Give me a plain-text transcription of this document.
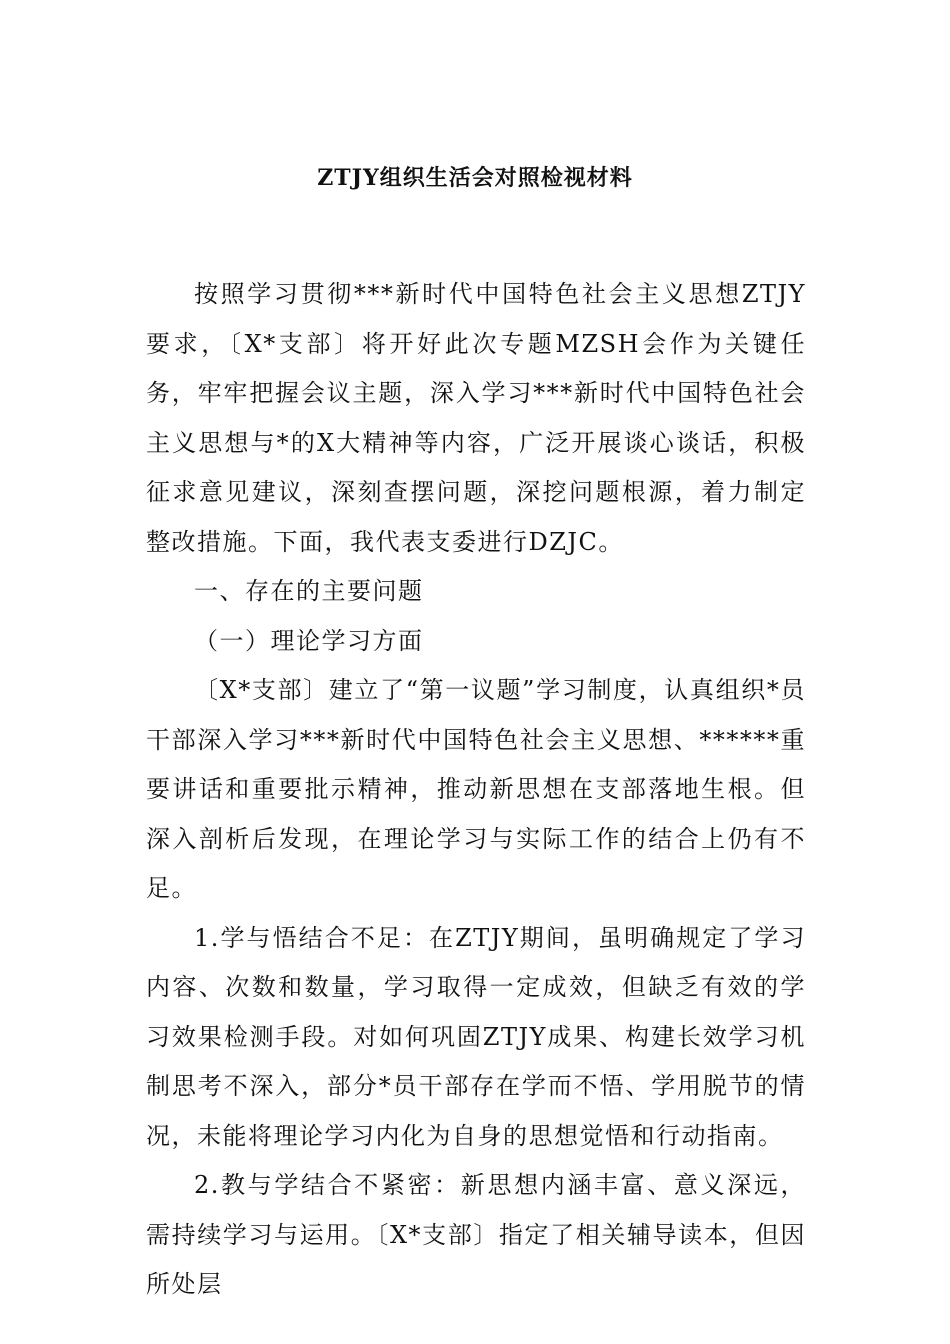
ZTJY组织生活会对照检视材料

按照学习贯彻***新时代中国特色社会主义思想ZTJY要求，〔X*支部〕将开好此次专题MZSH会作为关键任务，牢牢把握会议主题，深入学习***新时代中国特色社会主义思想与*的X大精神等内容，广泛开展谈心谈话，积极征求意见建议，深刻查摆问题，深挖问题根源，着力制定整改措施。下面，我代表支委进行DZJC。

一、存在的主要问题

（一）理论学习方面

〔X*支部〕建立了“第一议题”学习制度，认真组织*员干部深入学习***新时代中国特色社会主义思想、******重要讲话和重要批示精神，推动新思想在支部落地生根。但深入剖析后发现，在理论学习与实际工作的结合上仍有不足。

1.学与悟结合不足：在ZTJY期间，虽明确规定了学习内容、次数和数量，学习取得一定成效，但缺乏有效的学习效果检测手段。对如何巩固ZTJY成果、构建长效学习机制思考不深入，部分*员干部存在学而不悟、学用脱节的情况，未能将理论学习内化为自身的思想觉悟和行动指南。

2.教与学结合不紧密：新思想内涵丰富、意义深远，需持续学习与运用。〔X*支部〕指定了相关辅导读本，但因所处层
